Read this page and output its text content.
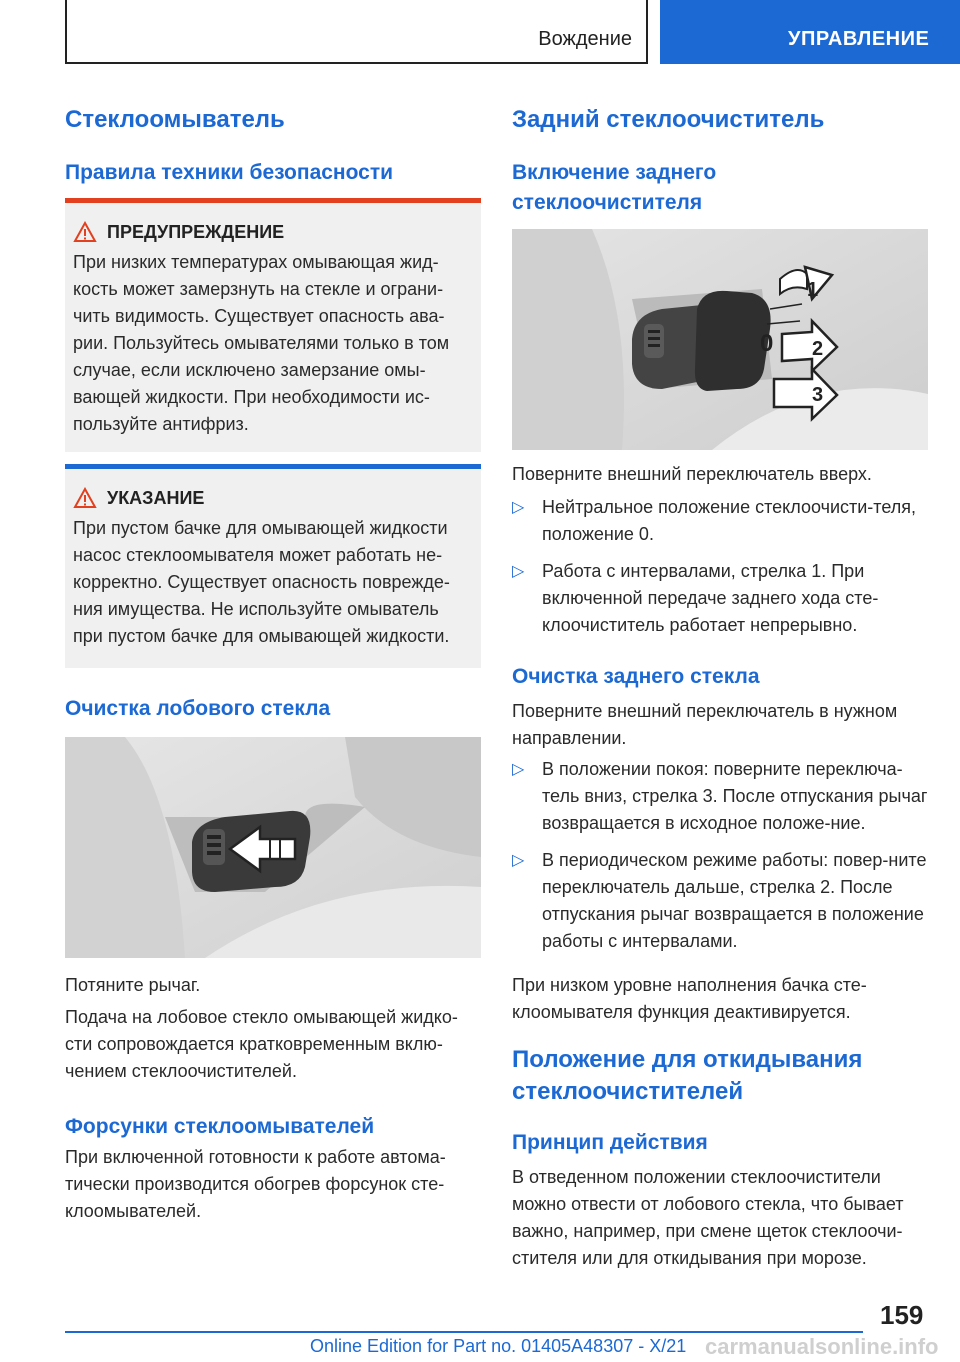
Вождение	УПРАВЛЕНИЕ
Стеклоомыватель
Правила техники безопасности
ПРЕДУПРЕЖДЕНИЕ

При низких температурах омывающая жид-кость может замерзнуть на стекле и ограни-чить видимость. Существует опасность ава-рии. Пользуйтесь омывателями только в том случае, если исключено замерзание омы-вающей жидкости. При необходимости ис-пользуйте антифриз.

УКАЗАНИЕ

При пустом бачке для омывающей жидкости насос стеклоомывателя может работать не-корректно. Существует опасность поврежде-ния имущества. Не используйте омыватель при пустом бачке для омывающей жидкости.

Очистка лобового стекла

Потяните рычаг.

Подача на лобовое стекло омывающей жидко-сти сопровождается кратковременным вклю-чением стеклоочистителей.

Форсунки стеклоомывателей

При включенной готовности к работе автома-тически производится обогрев форсунок сте-клоомывателей.

Задний стеклоочиститель
Включение заднего стеклоочистителя
0
1
2
3

Поверните внешний переключатель вверх.

▷ Нейтральное положение стеклоочисти-теля, положение 0.
▷ Работа с интервалами, стрелка 1. При включенной передаче заднего хода сте-клоочиститель работает непрерывно.
Очистка заднего стекла

Поверните внешний переключатель в нужном направлении.

▷ В положении покоя: поверните переключа-тель вниз, стрелка 3. После отпускания рычаг возвращается в исходное положе-ние.
▷ В периодическом режиме работы: повер-ните переключатель дальше, стрелка 2. После отпускания рычаг возвращается в положение работы с интервалами.

При низком уровне наполнения бачка сте-клоомывателя функция деактивируется.

Положение для откидывания стеклоочистителей
Принцип действия

В отведенном положении стеклоочистители можно отвести от лобового стекла, что бывает важно, например, при смене щеток стеклоочи-стителя или для откидывания при морозе.

159
Online Edition for Part no. 01405A48307 - X/21 carmanualsonline.info
